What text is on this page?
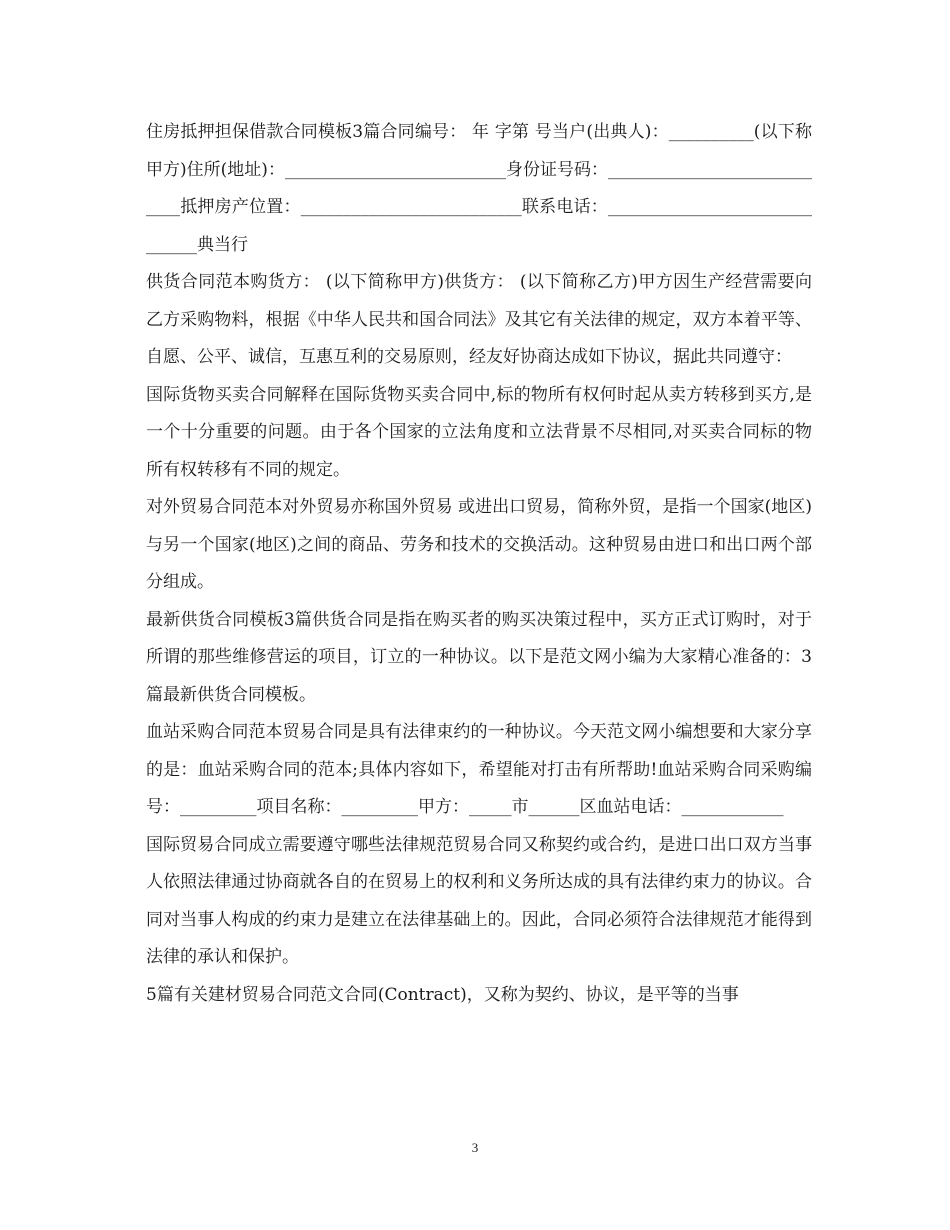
住房抵押担保借款合同模板3篇合同编号： 年 字第 号当户(出典人)：__________(以下称甲方)住所(地址)：__________________________身份证号码：____________________________抵押房产位置：__________________________联系电话：______________________________典当行

供货合同范本购货方： (以下简称甲方)供货方： (以下简称乙方)甲方因生产经营需要向乙方采购物料，根据《中华人民共和国合同法》及其它有关法律的规定，双方本着平等、自愿、公平、诚信，互惠互利的交易原则，经友好协商达成如下协议，据此共同遵守：

国际货物买卖合同解释在国际货物买卖合同中,标的物所有权何时起从卖方转移到买方,是一个十分重要的问题。由于各个国家的立法角度和立法背景不尽相同,对买卖合同标的物所有权转移有不同的规定。

对外贸易合同范本对外贸易亦称国外贸易 或进出口贸易，简称外贸，是指一个国家(地区)与另一个国家(地区)之间的商品、劳务和技术的交换活动。这种贸易由进口和出口两个部分组成。

最新供货合同模板3篇供货合同是指在购买者的购买决策过程中，买方正式订购时，对于所谓的那些维修营运的项目，订立的一种协议。以下是范文网小编为大家精心准备的：3篇最新供货合同模板。

血站采购合同范本贸易合同是具有法律束约的一种协议。今天范文网小编想要和大家分享的是：血站采购合同的范本;具体内容如下，希望能对打击有所帮助!血站采购合同采购编号：_________项目名称：_________甲方：_____市______区血站电话：____________

国际贸易合同成立需要遵守哪些法律规范贸易合同又称契约或合约，是进口出口双方当事人依照法律通过协商就各自的在贸易上的权利和义务所达成的具有法律约束力的协议。合同对当事人构成的约束力是建立在法律基础上的。因此，合同必须符合法律规范才能得到法律的承认和保护。

5篇有关建材贸易合同范文合同(Contract)，又称为契约、协议，是平等的当事

3
